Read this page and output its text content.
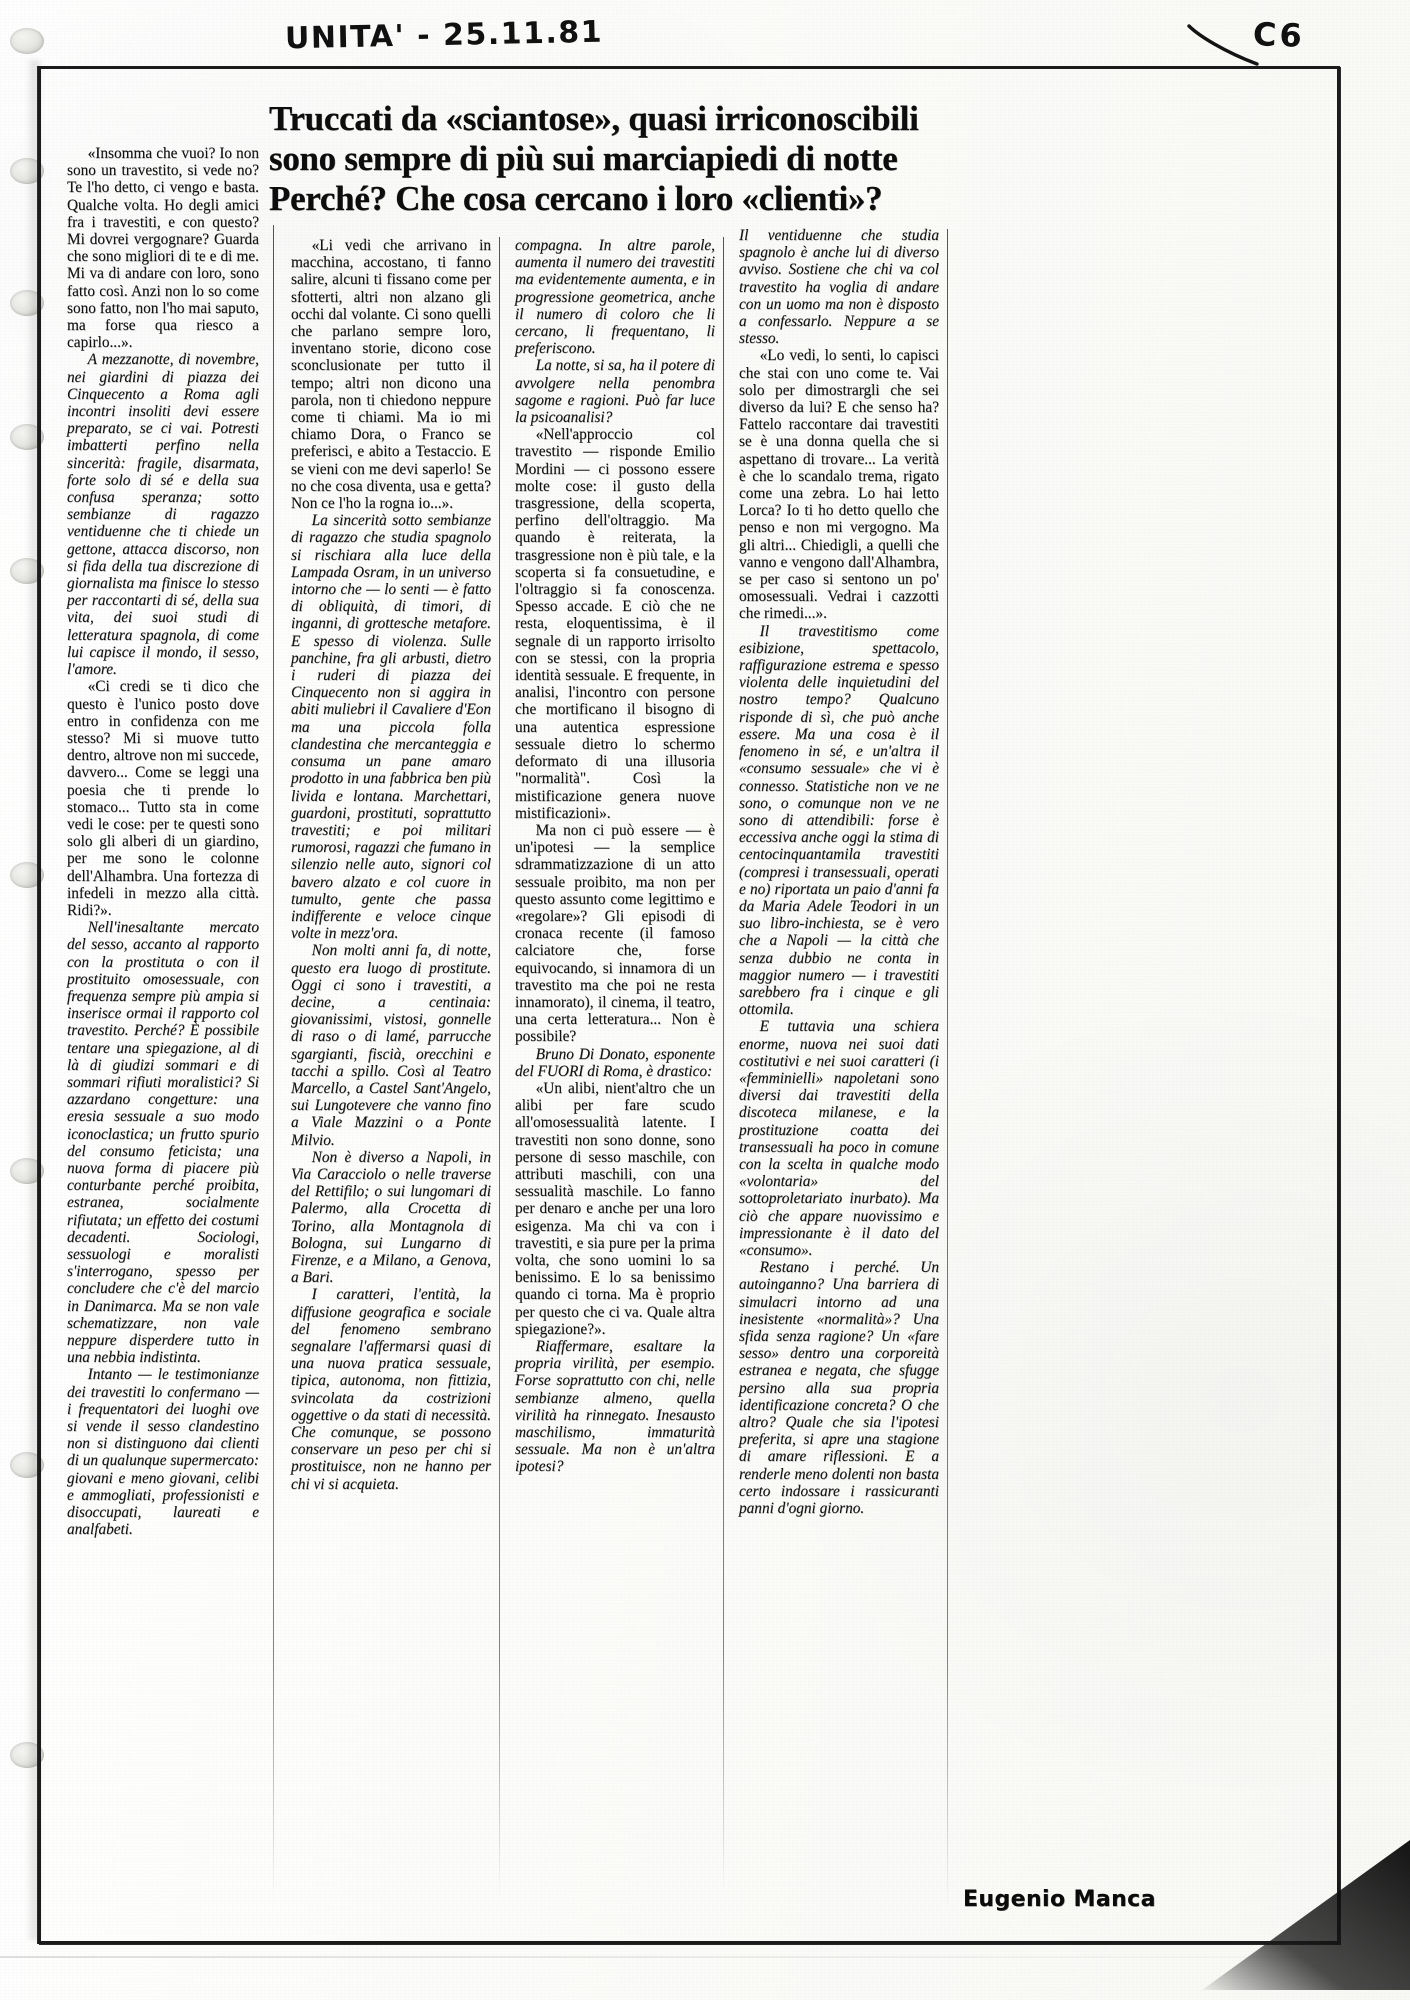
UNITA' - 25.11.81	C6
Truccati da «sciantose», quasi irriconoscibili
sono sempre di più sui marciapiedi di notte
Perché? Che cosa cercano i loro «clienti»?

«Insomma che vuoi? Io non sono un travestito, si vede no? Te l'ho detto, ci vengo e basta. Qualche volta. Ho degli amici fra i travestiti, e con questo? Mi dovrei vergognare? Guarda che sono migliori di te e di me. Mi va di andare con loro, sono fatto così. Anzi non lo so come sono fatto, non l'ho mai saputo, ma forse qua riesco a capirlo...».

A mezzanotte, di novembre, nei giardini di piazza dei Cinquecento a Roma agli incontri insoliti devi essere preparato, se ci vai. Potresti imbatterti perfino nella sincerità: fragile, disarmata, forte solo di sé e della sua confusa speranza; sotto sembianze di ragazzo ventiduenne che ti chiede un gettone, attacca discorso, non si fida della tua discrezione di giornalista ma finisce lo stesso per raccontarti di sé, della sua vita, dei suoi studi di letteratura spagnola, di come lui capisce il mondo, il sesso, l'amore.

«Ci credi se ti dico che questo è l'unico posto dove entro in confidenza con me stesso? Mi si muove tutto dentro, altrove non mi succede, davvero... Come se leggi una poesia che ti prende lo stomaco... Tutto sta in come vedi le cose: per te questi sono solo gli alberi di un giardino, per me sono le colonne dell'Alhambra. Una fortezza di infedeli in mezzo alla città. Ridi?».

Nell'inesaltante mercato del sesso, accanto al rapporto con la prostituta o con il prostituito omosessuale, con frequenza sempre più ampia si inserisce ormai il rapporto col travestito. Perché? È possibile tentare una spiegazione, al di là di giudizi sommari e di sommari rifiuti moralistici? Si azzardano congetture: una eresia sessuale a suo modo iconoclastica; un frutto spurio del consumo feticista; una nuova forma di piacere più conturbante perché proibita, estranea, socialmente rifiutata; un effetto dei costumi decadenti. Sociologi, sessuologi e moralisti s'interrogano, spesso per concludere che c'è del marcio in Danimarca. Ma se non vale schematizzare, non vale neppure disperdere tutto in una nebbia indistinta.

Intanto — le testimonianze dei travestiti lo confermano — i frequentatori dei luoghi ove si vende il sesso clandestino non si distinguono dai clienti di un qualunque supermercato: giovani e meno giovani, celibi e ammogliati, professionisti e disoccupati, laureati e analfabeti.

«Li vedi che arrivano in macchina, accostano, ti fanno salire, alcuni ti fissano come per sfotterti, altri non alzano gli occhi dal volante. Ci sono quelli che parlano sempre loro, inventano storie, dicono cose sconclusionate per tutto il tempo; altri non dicono una parola, non ti chiedono neppure come ti chiami. Ma io mi chiamo Dora, o Franco se preferisci, e abito a Testaccio. E se vieni con me devi saperlo! Se no che cosa diventa, usa e getta? Non ce l'ho la rogna io...».

La sincerità sotto sembianze di ragazzo che studia spagnolo si rischiara alla luce della Lampada Osram, in un universo intorno che — lo senti — è fatto di obliquità, di timori, di inganni, di grottesche metafore. E spesso di violenza. Sulle panchine, fra gli arbusti, dietro i ruderi di piazza dei Cinquecento non si aggira in abiti muliebri il Cavaliere d'Eon ma una piccola folla clandestina che mercanteggia e consuma un pane amaro prodotto in una fabbrica ben più livida e lontana. Marchettari, guardoni, prostituti, soprattutto travestiti; e poi militari rumorosi, ragazzi che fumano in silenzio nelle auto, signori col bavero alzato e col cuore in tumulto, gente che passa indifferente e veloce cinque volte in mezz'ora.

Non molti anni fa, di notte, questo era luogo di prostitute. Oggi ci sono i travestiti, a decine, a centinaia: giovanissimi, vistosi, gonnelle di raso o di lamé, parrucche sgargianti, fiscià, orecchini e tacchi a spillo. Così al Teatro Marcello, a Castel Sant'Angelo, sui Lungotevere che vanno fino a Viale Mazzini o a Ponte Milvio.

Non è diverso a Napoli, in Via Caracciolo o nelle traverse del Rettifilo; o sui lungomari di Palermo, alla Crocetta di Torino, alla Montagnola di Bologna, sui Lungarno di Firenze, e a Milano, a Genova, a Bari.

I caratteri, l'entità, la diffusione geografica e sociale del fenomeno sembrano segnalare l'affermarsi quasi di una nuova pratica sessuale, tipica, autonoma, non fittizia, svincolata da costrizioni oggettive o da stati di necessità. Che comunque, se possono conservare un peso per chi si prostituisce, non ne hanno per chi vi si acquieta.

compagna. In altre parole, aumenta il numero dei travestiti ma evidentemente aumenta, e in progressione geometrica, anche il numero di coloro che li cercano, li frequentano, li preferiscono.

La notte, si sa, ha il potere di avvolgere nella penombra sagome e ragioni. Può far luce la psicoanalisi?

«Nell'approccio col travestito — risponde Emilio Mordini — ci possono essere molte cose: il gusto della trasgressione, della scoperta, perfino dell'oltraggio. Ma quando è reiterata, la trasgressione non è più tale, e la scoperta si fa consuetudine, e l'oltraggio si fa conoscenza. Spesso accade. E ciò che ne resta, eloquentissima, è il segnale di un rapporto irrisolto con se stessi, con la propria identità sessuale. E frequente, in analisi, l'incontro con persone che mortificano il bisogno di una autentica espressione sessuale dietro lo schermo deformato di una illusoria "normalità". Così la mistificazione genera nuove mistificazioni».

Ma non ci può essere — è un'ipotesi — la semplice sdrammatizzazione di un atto sessuale proibito, ma non per questo assunto come legittimo e «regolare»? Gli episodi di cronaca recente (il famoso calciatore che, forse equivocando, si innamora di un travestito ma che poi ne resta innamorato), il cinema, il teatro, una certa letteratura... Non è possibile?

Bruno Di Donato, esponente del FUORI di Roma, è drastico:

«Un alibi, nient'altro che un alibi per fare scudo all'omosessualità latente. I travestiti non sono donne, sono persone di sesso maschile, con attributi maschili, con una sessualità maschile. Lo fanno per denaro e anche per una loro esigenza. Ma chi va con i travestiti, e sia pure per la prima volta, che sono uomini lo sa benissimo. E lo sa benissimo quando ci torna. Ma è proprio per questo che ci va. Quale altra spiegazione?».

Riaffermare, esaltare la propria virilità, per esempio. Forse soprattutto con chi, nelle sembianze almeno, quella virilità ha rinnegato. Inesausto maschilismo, immaturità sessuale. Ma non è un'altra ipotesi?

Il ventiduenne che studia spagnolo è anche lui di diverso avviso. Sostiene che chi va col travestito ha voglia di andare con un uomo ma non è disposto a confessarlo. Neppure a se stesso.

«Lo vedi, lo senti, lo capisci che stai con uno come te. Vai solo per dimostrargli che sei diverso da lui? E che senso ha? Fattelo raccontare dai travestiti se è una donna quella che si aspettano di trovare... La verità è che lo scandalo trema, rigato come una zebra. Lo hai letto Lorca? Io ti ho detto quello che penso e non mi vergogno. Ma gli altri... Chiedigli, a quelli che vanno e vengono dall'Alhambra, se per caso si sentono un po' omosessuali. Vedrai i cazzotti che rimedi...».

Il travestitismo come esibizione, spettacolo, raffigurazione estrema e spesso violenta delle inquietudini del nostro tempo? Qualcuno risponde di sì, che può anche essere. Ma una cosa è il fenomeno in sé, e un'altra il «consumo sessuale» che vi è connesso. Statistiche non ve ne sono, o comunque non ve ne sono di attendibili: forse è eccessiva anche oggi la stima di centocinquantamila travestiti (compresi i transessuali, operati e no) riportata un paio d'anni fa da Maria Adele Teodori in un suo libro-inchiesta, se è vero che a Napoli — la città che senza dubbio ne conta in maggior numero — i travestiti sarebbero fra i cinque e gli ottomila.

E tuttavia una schiera enorme, nuova nei suoi dati costitutivi e nei suoi caratteri (i «femminielli» napoletani sono diversi dai travestiti della discoteca milanese, e la prostituzione coatta dei transessuali ha poco in comune con la scelta in qualche modo «volontaria» del sottoproletariato inurbato). Ma ciò che appare nuovissimo e impressionante è il dato del «consumo».

Restano i perché. Un autoinganno? Una barriera di simulacri intorno ad una inesistente «normalità»? Una sfida senza ragione? Un «fare sesso» dentro una corporeità estranea e negata, che sfugge persino alla sua propria identificazione concreta? O che altro? Quale che sia l'ipotesi preferita, si apre una stagione di amare riflessioni. E a renderle meno dolenti non basta certo indossare i rassicuranti panni d'ogni giorno.

Eugenio Manca
